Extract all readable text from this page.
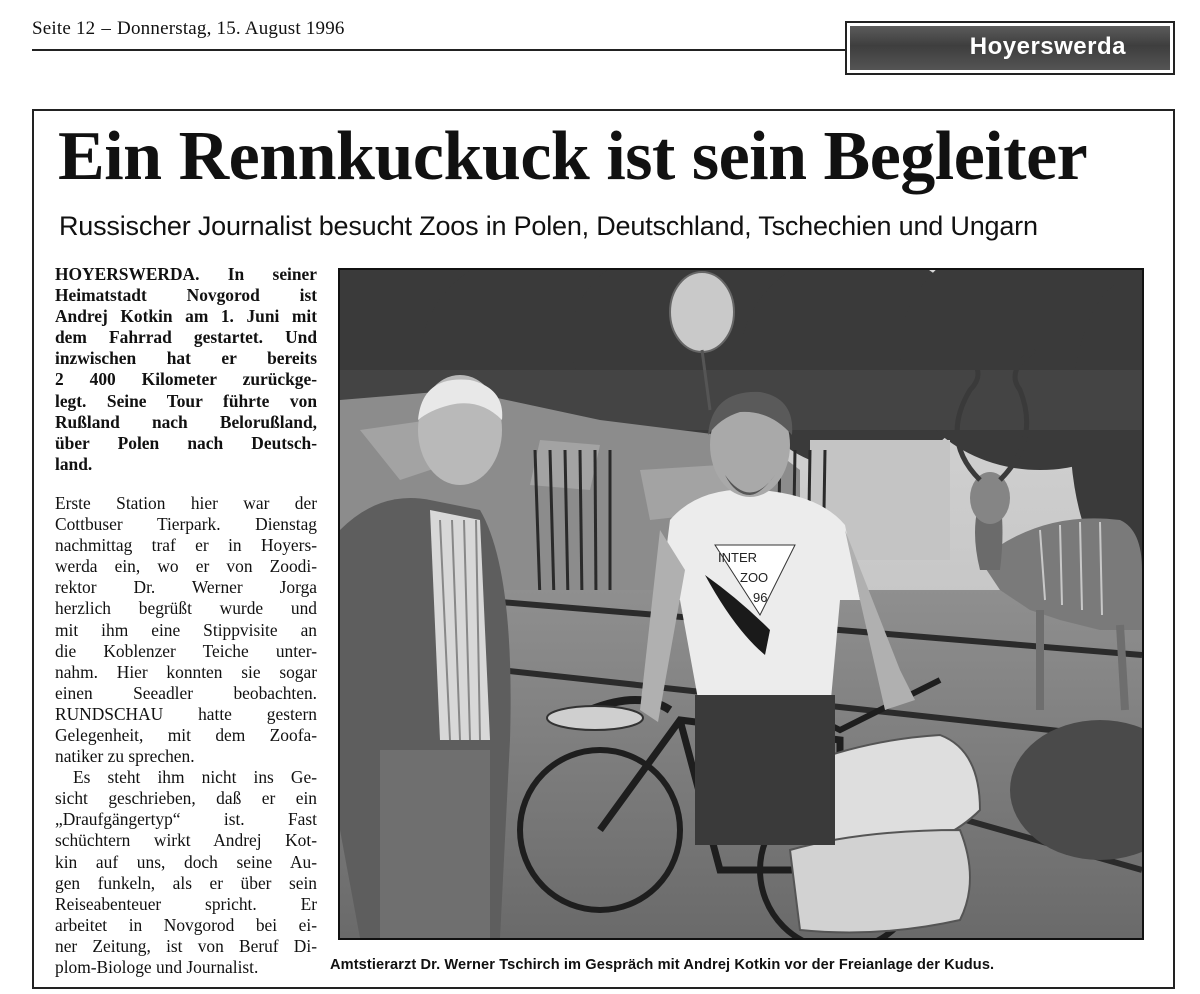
Seite 12 – Donnerstag, 15. August 1996
Hoyerswerda
Ein Rennkuckuck ist sein Begleiter
Russischer Journalist besucht Zoos in Polen, Deutschland, Tschechien und Ungarn
HOYERSWERDA. In seiner
Heimatstadt Novgorod ist
Andrej Kotkin am 1. Juni mit
dem Fahrrad gestartet. Und
inzwischen hat er bereits
2 400 Kilometer zurückge-
legt. Seine Tour führte von
Rußland nach Belorußland,
über Polen nach Deutsch-
land.
Erste Station hier war der
Cottbuser Tierpark. Dienstag
nachmittag traf er in Hoyers-
werda ein, wo er von Zoodi-
rektor Dr. Werner Jorga
herzlich begrüßt wurde und
mit ihm eine Stippvisite an
die Koblenzer Teiche unter-
nahm. Hier konnten sie sogar
einen Seeadler beobachten.
RUNDSCHAU hatte gestern
Gelegenheit, mit dem Zoofa-
natiker zu sprechen.
Es steht ihm nicht ins Ge-
sicht geschrieben, daß er ein
„Draufgängertyp“ ist. Fast
schüchtern wirkt Andrej Kot-
kin auf uns, doch seine Au-
gen funkeln, als er über sein
Reiseabenteuer spricht. Er
arbeitet in Novgorod bei ei-
ner Zeitung, ist von Beruf Di-
plom-Biologe und Journalist.
INTER
ZOO
96
Amtstierarzt Dr. Werner Tschirch im Gespräch mit Andrej Kotkin vor der Freianlage der Kudus.
